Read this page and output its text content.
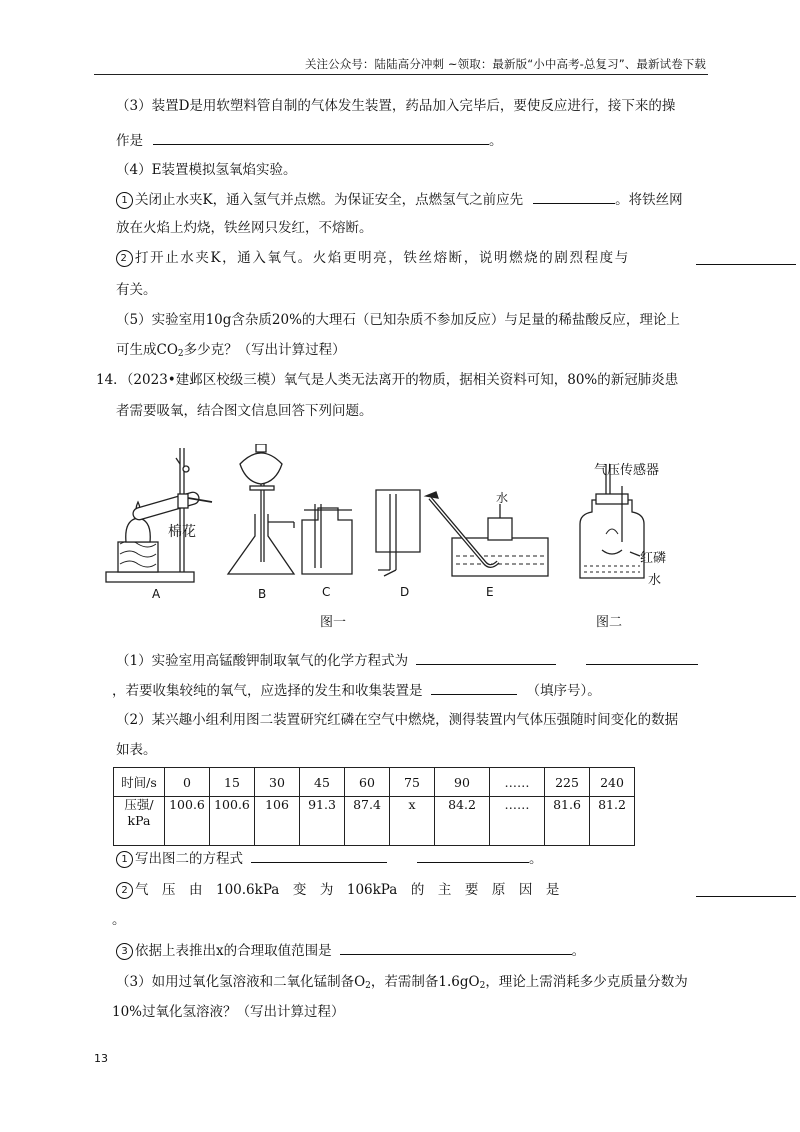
关注公众号：陆陆高分冲刺 ~领取：最新版“小中高考-总复习”、最新试卷下载
（3）装置D是用软塑料管自制的气体发生装置，药品加入完毕后，要使反应进行，接下来的操
作是	。
（4）E装置模拟氢氧焰实验。
1 关闭止水夹K，通入氢气并点燃。为保证安全，点燃氢气之前应先	。将铁丝网
放在火焰上灼烧，铁丝网只发红，不熔断。
2 打开止水夹K，通入氧气。火焰更明亮，铁丝熔断，说明燃烧的剧烈程度与
有关。
（5）实验室用10g含杂质20%的大理石（已知杂质不参加反应）与足量的稀盐酸反应，理论上
可生成$CO_2$多少克？（写出计算过程）
14．（2023•建邺区校级三模）氧气是人类无法离开的物质，据相关资料可知，80%的新冠肺炎患
者需要吸氧，结合图文信息回答下列问题。
棉花
水
A	B	C	D	E
图一
气压传感器
红磷
水
图二
（1）实验室用高锰酸钾制取氧气的化学方程式为
，若要收集较纯的氧气，应选择的发生和收集装置是	（填序号）。
（2）某兴趣小组利用图二装置研究红磷在空气中燃烧，测得装置内气体压强随时间变化的数据
如表。
时间/s	0	15	30	45	60	75	90	……	225	240
压强/
kPa	100.6	100.6	106	91.3	87.4	x	84.2	……	81.6	81.2
1 写出图二的方程式	。
2 气　压　由　100.6kPa　变　为　106kPa　的　主　要　原　因　是
。
3 依据上表推出x的合理取值范围是	。
（3）如用过氧化氢溶液和二氧化锰制备$O_2$，若需制备$1.6gO_2$，理论上需消耗多少克质量分数为
10%过氧化氢溶液？（写出计算过程）
13
